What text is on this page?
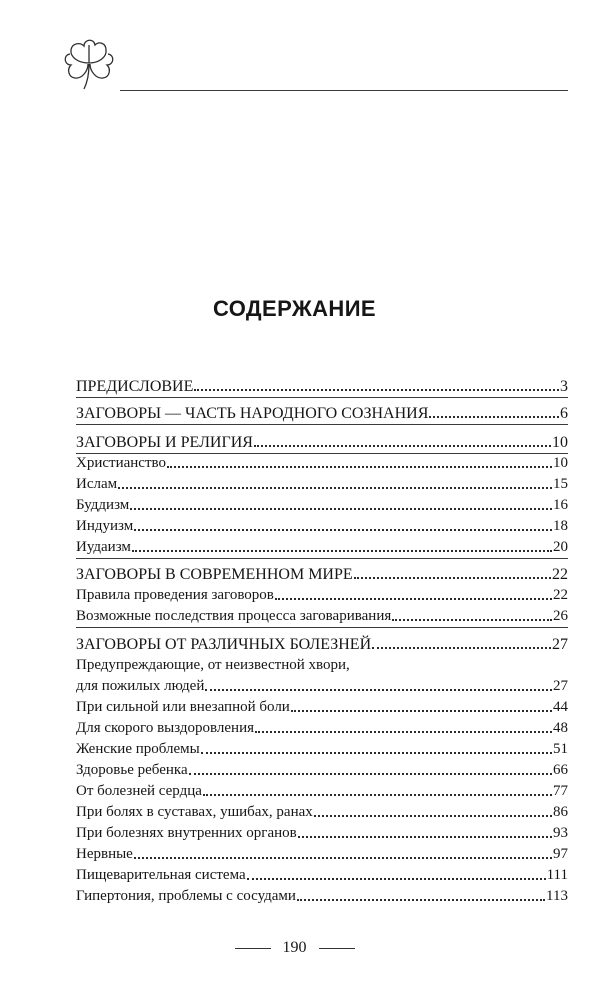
СОДЕРЖАНИЕ
ПРЕДИСЛОВИЕ	3
ЗАГОВОРЫ — ЧАСТЬ НАРОДНОГО СОЗНАНИЯ	6
ЗАГОВОРЫ И РЕЛИГИЯ	10
Христианство	10
Ислам	15
Буддизм	16
Индуизм	18
Иудаизм	20
ЗАГОВОРЫ В СОВРЕМЕННОМ МИРЕ	22
Правила проведения заговоров	22
Возможные последствия процесса заговаривания	26
ЗАГОВОРЫ ОТ РАЗЛИЧНЫХ БОЛЕЗНЕЙ	27
Предупреждающие, от неизвестной хвори,
для пожилых людей	27
При сильной или внезапной боли	44
Для скорого выздоровления	48
Женские проблемы	51
Здоровье ребенка	66
От болезней сердца	77
При болях в суставах, ушибах, ранах	86
При болезнях внутренних органов	93
Нервные	97
Пищеварительная система	111
Гипертония, проблемы с сосудами	113
190
